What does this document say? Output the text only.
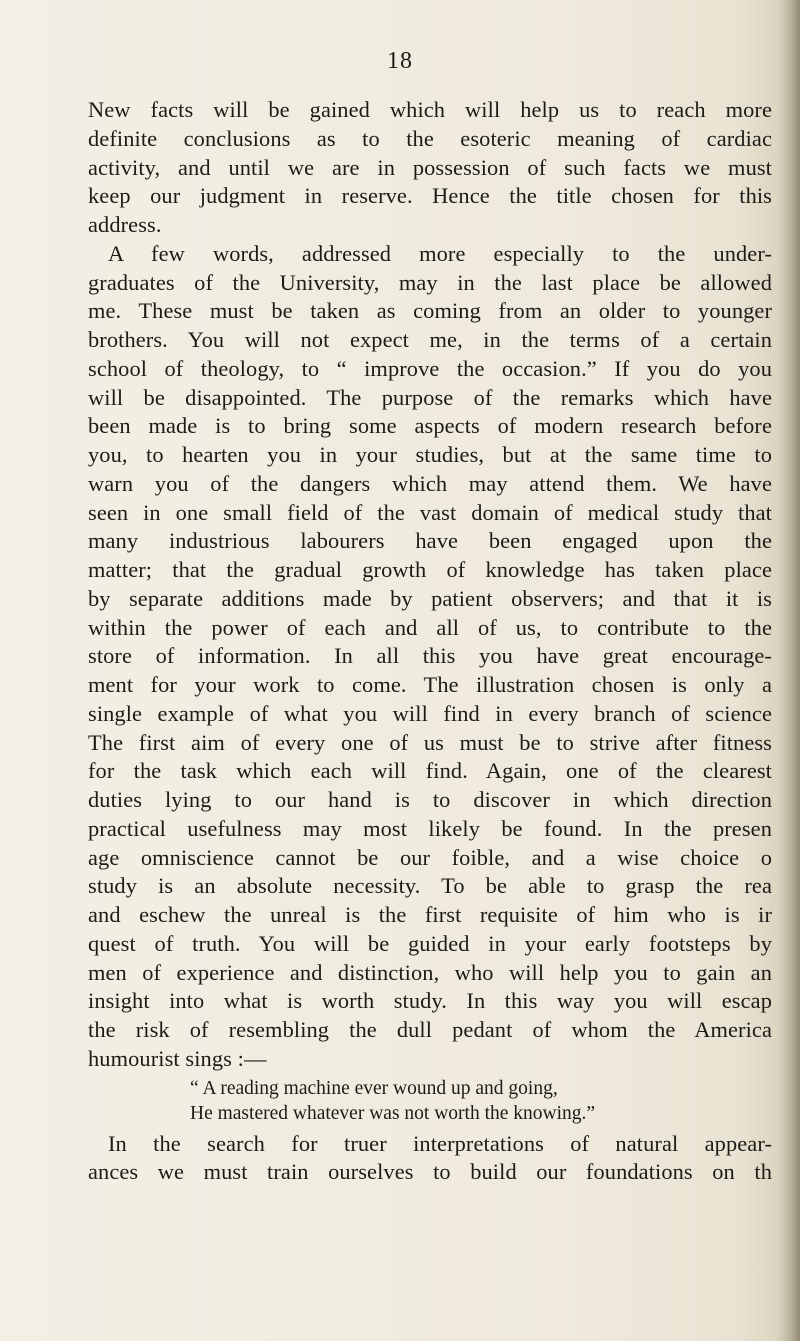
18
New facts will be gained which will help us to reach more
definite conclusions as to the esoteric meaning of cardiac
activity, and until we are in possession of such facts we must
keep our judgment in reserve. Hence the title chosen for this
address.
A few words, addressed more especially to the under-
graduates of the University, may in the last place be allowed
me. These must be taken as coming from an older to younger
brothers. You will not expect me, in the terms of a certain
school of theology, to “ improve the occasion.” If you do you
will be disappointed. The purpose of the remarks which have
been made is to bring some aspects of modern research before
you, to hearten you in your studies, but at the same time to
warn you of the dangers which may attend them. We have
seen in one small field of the vast domain of medical study that
many industrious labourers have been engaged upon the
matter; that the gradual growth of knowledge has taken place
by separate additions made by patient observers; and that it is
within the power of each and all of us, to contribute to the
store of information. In all this you have great encourage-
ment for your work to come. The illustration chosen is only a
single example of what you will find in every branch of science
The first aim of every one of us must be to strive after fitness
for the task which each will find. Again, one of the clearest
duties lying to our hand is to discover in which direction
practical usefulness may most likely be found. In the presen
age omniscience cannot be our foible, and a wise choice o
study is an absolute necessity. To be able to grasp the rea
and eschew the unreal is the first requisite of him who is ir
quest of truth. You will be guided in your early footsteps by
men of experience and distinction, who will help you to gain an
insight into what is worth study. In this way you will escap
the risk of resembling the dull pedant of whom the America
humourist sings :—
“ A reading machine ever wound up and going,
He mastered whatever was not worth the knowing.”
In the search for truer interpretations of natural appear-
ances we must train ourselves to build our foundations on th
